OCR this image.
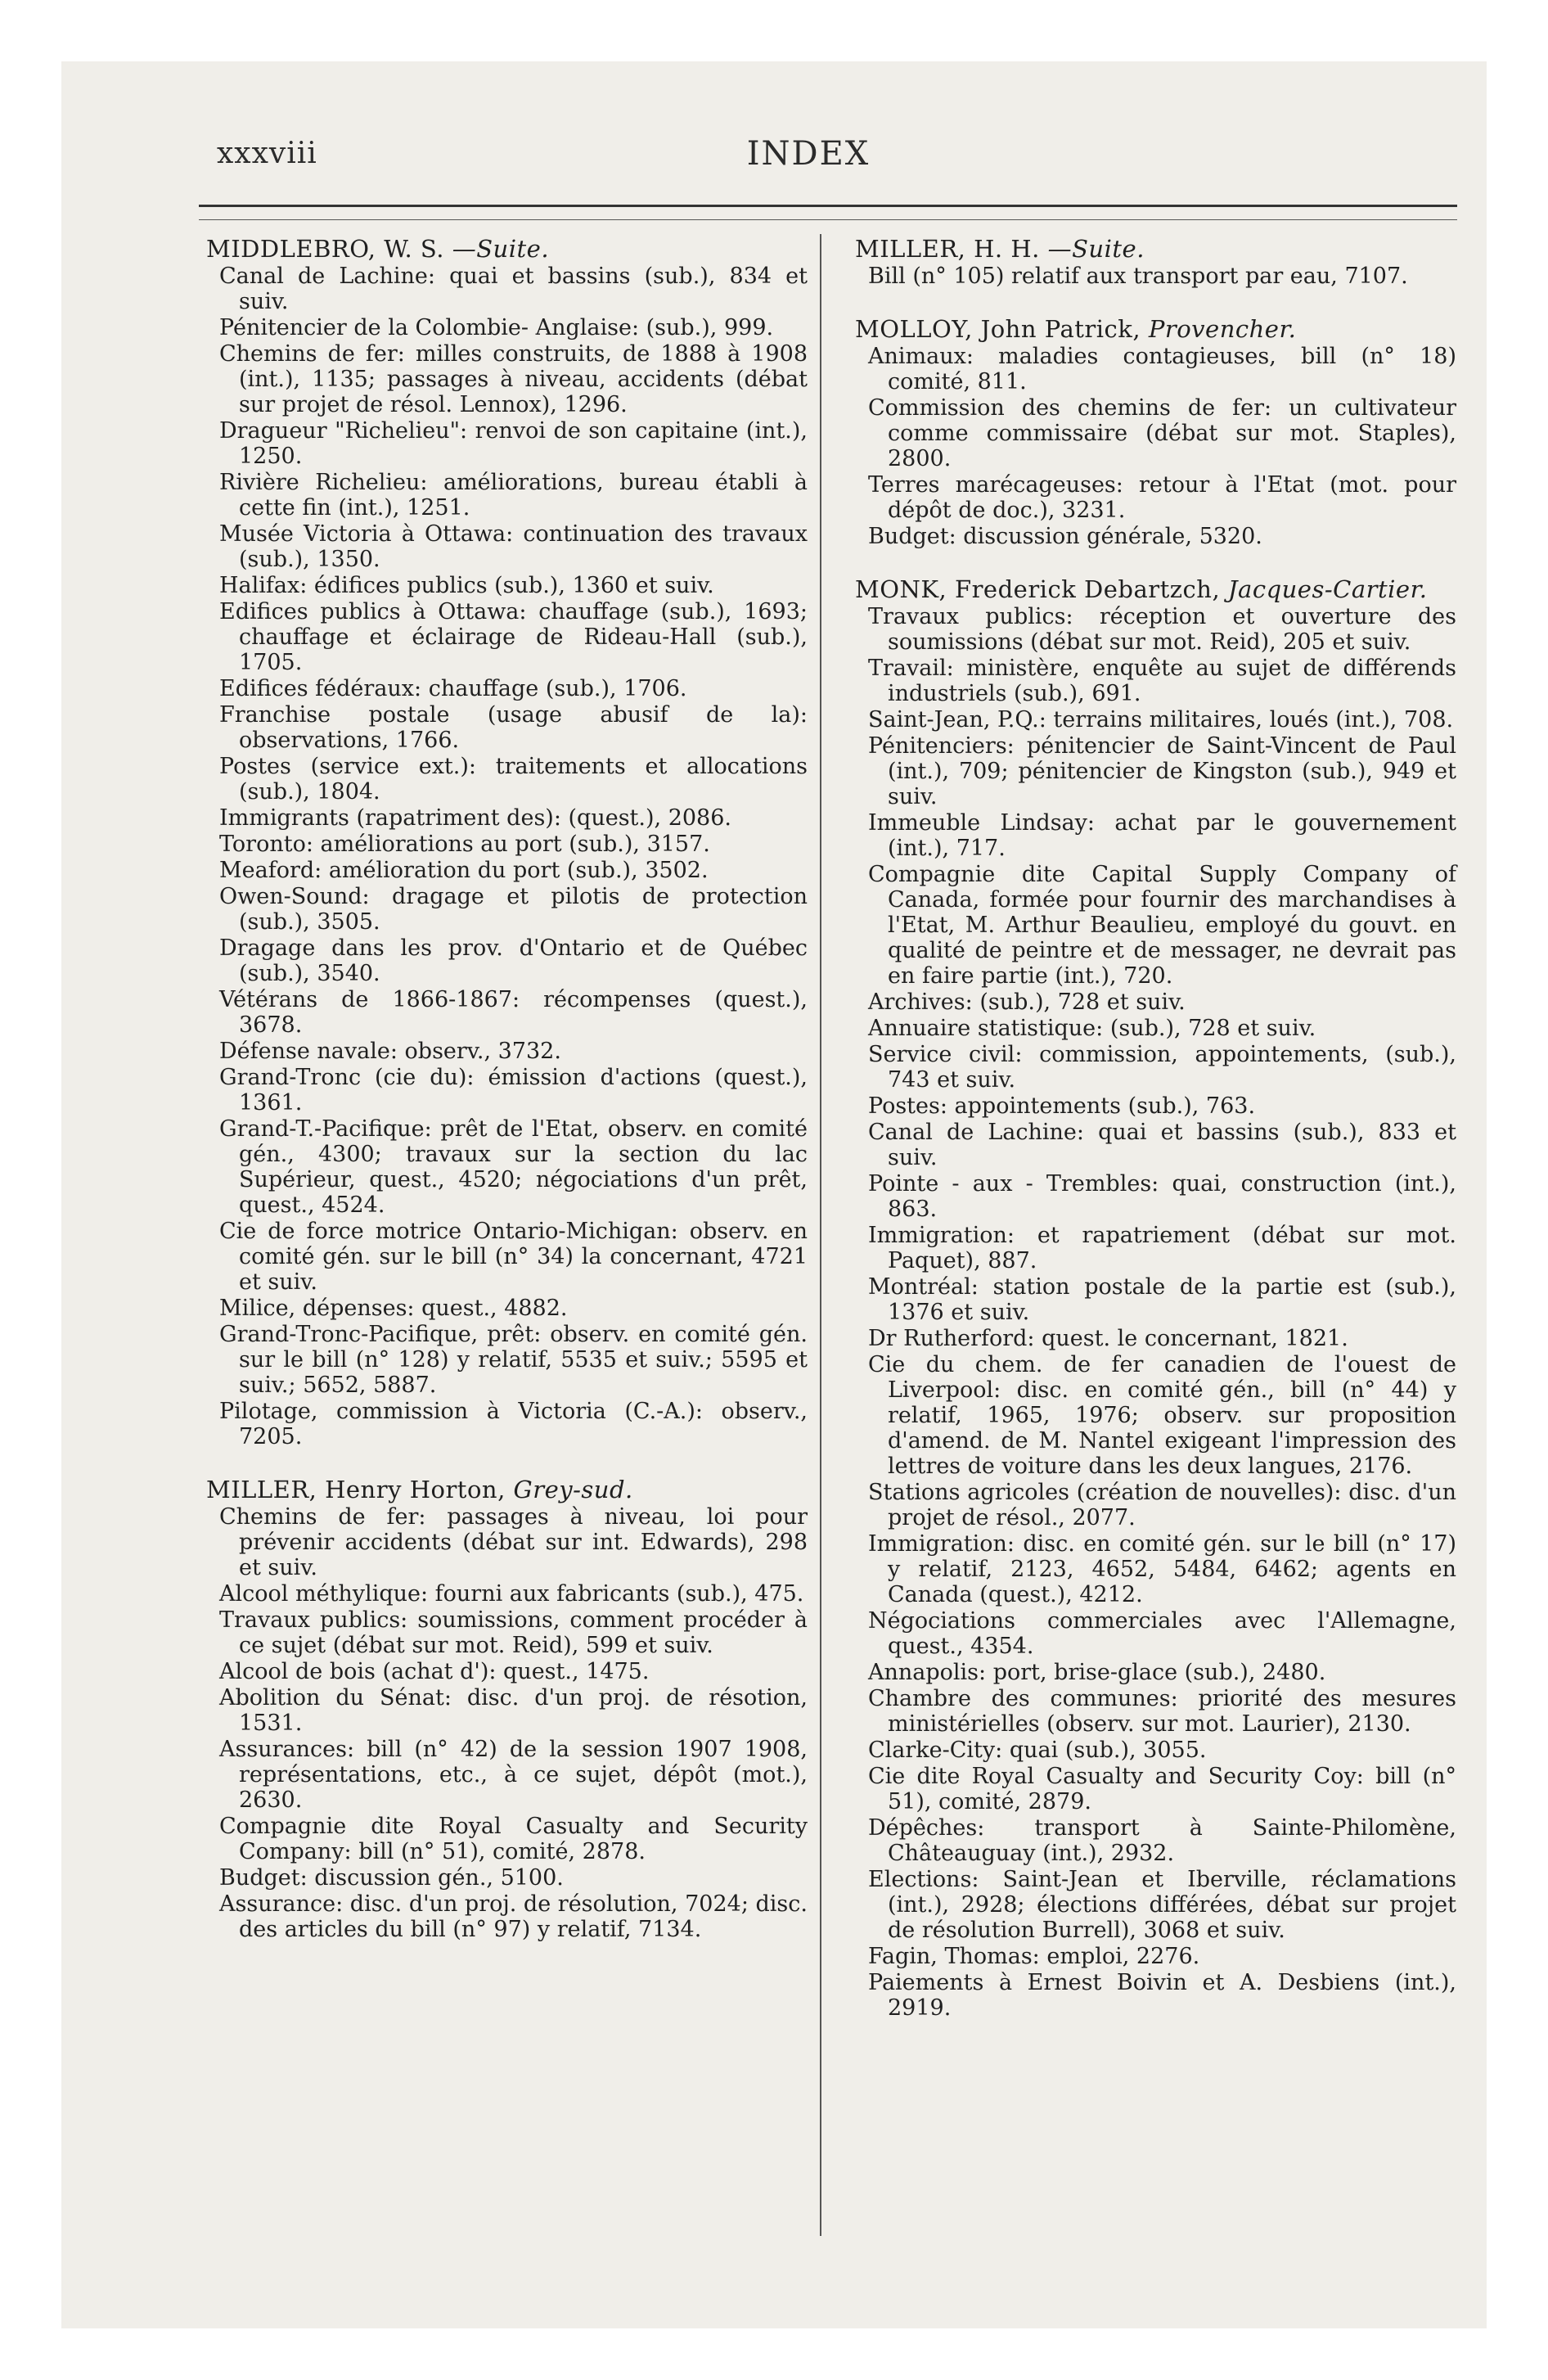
xxxviii	INDEX
MIDDLEBRO, W. S. —Suite.
Canal de Lachine: quai et bassins (sub.), 834 et suiv.
Pénitencier de la Colombie- Anglaise: (sub.), 999.
Chemins de fer: milles construits, de 1888 à 1908 (int.), 1135; passages à niveau, accidents (débat sur projet de résol. Lennox), 1296.
Dragueur "Richelieu": renvoi de son capitaine (int.), 1250.
Rivière Richelieu: améliorations, bureau établi à cette fin (int.), 1251.
Musée Victoria à Ottawa: continuation des travaux (sub.), 1350.
Halifax: édifices publics (sub.), 1360 et suiv.
Edifices publics à Ottawa: chauffage (sub.), 1693; chauffage et éclairage de Rideau-Hall (sub.), 1705.
Edifices fédéraux: chauffage (sub.), 1706.
Franchise postale (usage abusif de la): observations, 1766.
Postes (service ext.): traitements et allocations (sub.), 1804.
Immigrants (rapatriment des): (quest.), 2086.
Toronto: améliorations au port (sub.), 3157.
Meaford: amélioration du port (sub.), 3502.
Owen-Sound: dragage et pilotis de protection (sub.), 3505.
Dragage dans les prov. d'Ontario et de Québec (sub.), 3540.
Vétérans de 1866-1867: récompenses (quest.), 3678.
Défense navale: observ., 3732.
Grand-Tronc (cie du): émission d'actions (quest.), 1361.
Grand-T.-Pacifique: prêt de l'Etat, observ. en comité gén., 4300; travaux sur la section du lac Supérieur, quest., 4520; négociations d'un prêt, quest., 4524.
Cie de force motrice Ontario-Michigan: observ. en comité gén. sur le bill (n° 34) la concernant, 4721 et suiv.
Milice, dépenses: quest., 4882.
Grand-Tronc-Pacifique, prêt: observ. en comité gén. sur le bill (n° 128) y relatif, 5535 et suiv.; 5595 et suiv.; 5652, 5887.
Pilotage, commission à Victoria (C.-A.): observ., 7205.
MILLER, Henry Horton, Grey-sud.
Chemins de fer: passages à niveau, loi pour prévenir accidents (débat sur int. Edwards), 298 et suiv.
Alcool méthylique: fourni aux fabricants (sub.), 475.
Travaux publics: soumissions, comment procéder à ce sujet (débat sur mot. Reid), 599 et suiv.
Alcool de bois (achat d'): quest., 1475.
Abolition du Sénat: disc. d'un proj. de résotion, 1531.
Assurances: bill (n° 42) de la session 1907 1908, représentations, etc., à ce sujet, dépôt (mot.), 2630.
Compagnie dite Royal Casualty and Security Company: bill (n° 51), comité, 2878.
Budget: discussion gén., 5100.
Assurance: disc. d'un proj. de résolution, 7024; disc. des articles du bill (n° 97) y relatif, 7134.
MILLER, H. H. —Suite.
Bill (n° 105) relatif aux transport par eau, 7107.
MOLLOY, John Patrick, Provencher.
Animaux: maladies contagieuses, bill (n° 18) comité, 811.
Commission des chemins de fer: un cultivateur comme commissaire (débat sur mot. Staples), 2800.
Terres marécageuses: retour à l'Etat (mot. pour dépôt de doc.), 3231.
Budget: discussion générale, 5320.
MONK, Frederick Debartzch, Jacques-Cartier.
Travaux publics: réception et ouverture des soumissions (débat sur mot. Reid), 205 et suiv.
Travail: ministère, enquête au sujet de différends industriels (sub.), 691.
Saint-Jean, P.Q.: terrains militaires, loués (int.), 708.
Pénitenciers: pénitencier de Saint-Vincent de Paul (int.), 709; pénitencier de Kingston (sub.), 949 et suiv.
Immeuble Lindsay: achat par le gouvernement (int.), 717.
Compagnie dite Capital Supply Company of Canada, formée pour fournir des marchandises à l'Etat, M. Arthur Beaulieu, employé du gouvt. en qualité de peintre et de messager, ne devrait pas en faire partie (int.), 720.
Archives: (sub.), 728 et suiv.
Annuaire statistique: (sub.), 728 et suiv.
Service civil: commission, appointements, (sub.), 743 et suiv.
Postes: appointements (sub.), 763.
Canal de Lachine: quai et bassins (sub.), 833 et suiv.
Pointe - aux - Trembles: quai, construction (int.), 863.
Immigration: et rapatriement (débat sur mot. Paquet), 887.
Montréal: station postale de la partie est (sub.), 1376 et suiv.
Dr Rutherford: quest. le concernant, 1821.
Cie du chem. de fer canadien de l'ouest de Liverpool: disc. en comité gén., bill (n° 44) y relatif, 1965, 1976; observ. sur proposition d'amend. de M. Nantel exigeant l'impression des lettres de voiture dans les deux langues, 2176.
Stations agricoles (création de nouvelles): disc. d'un projet de résol., 2077.
Immigration: disc. en comité gén. sur le bill (n° 17) y relatif, 2123, 4652, 5484, 6462; agents en Canada (quest.), 4212.
Négociations commerciales avec l'Allemagne, quest., 4354.
Annapolis: port, brise-glace (sub.), 2480.
Chambre des communes: priorité des mesures ministérielles (observ. sur mot. Laurier), 2130.
Clarke-City: quai (sub.), 3055.
Cie dite Royal Casualty and Security Coy: bill (n° 51), comité, 2879.
Dépêches: transport à Sainte-Philomène, Châteauguay (int.), 2932.
Elections: Saint-Jean et Iberville, réclamations (int.), 2928; élections différées, débat sur projet de résolution Burrell), 3068 et suiv.
Fagin, Thomas: emploi, 2276.
Paiements à Ernest Boivin et A. Desbiens (int.), 2919.
